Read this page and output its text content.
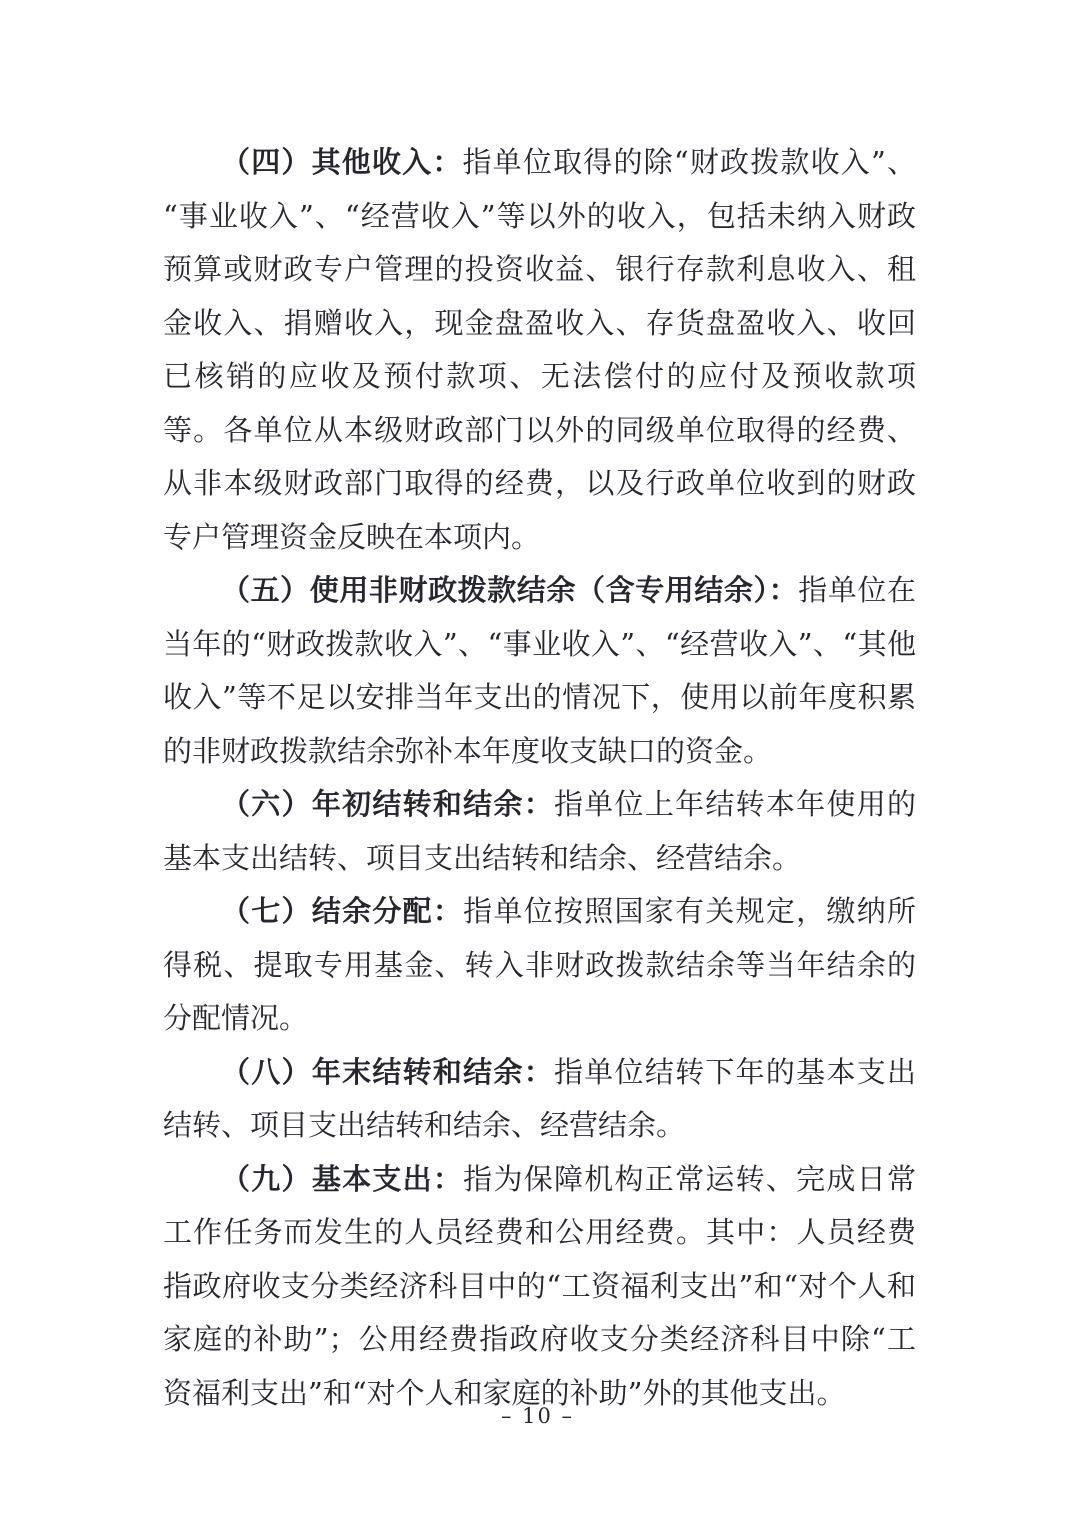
（四）其他收入：指单位取得的除“财政拨款收入”、“事业收入”、“经营收入”等以外的收入，包括未纳入财政预算或财政专户管理的投资收益、银行存款利息收入、租金收入、捐赠收入，现金盘盈收入、存货盘盈收入、收回已核销的应收及预付款项、无法偿付的应付及预收款项等。各单位从本级财政部门以外的同级单位取得的经费、从非本级财政部门取得的经费，以及行政单位收到的财政专户管理资金反映在本项内。

（五）使用非财政拨款结余（含专用结余）：指单位在当年的“财政拨款收入”、“事业收入”、“经营收入”、“其他收入”等不足以安排当年支出的情况下，使用以前年度积累的非财政拨款结余弥补本年度收支缺口的资金。

（六）年初结转和结余：指单位上年结转本年使用的基本支出结转、项目支出结转和结余、经营结余。

（七）结余分配：指单位按照国家有关规定，缴纳所得税、提取专用基金、转入非财政拨款结余等当年结余的分配情况。

（八）年末结转和结余：指单位结转下年的基本支出结转、项目支出结转和结余、经营结余。

（九）基本支出：指为保障机构正常运转、完成日常工作任务而发生的人员经费和公用经费。其中：人员经费指政府收支分类经济科目中的“工资福利支出”和“对个人和家庭的补助”；公用经费指政府收支分类经济科目中除“工资福利支出”和“对个人和家庭的补助”外的其他支出。

– 10 –
